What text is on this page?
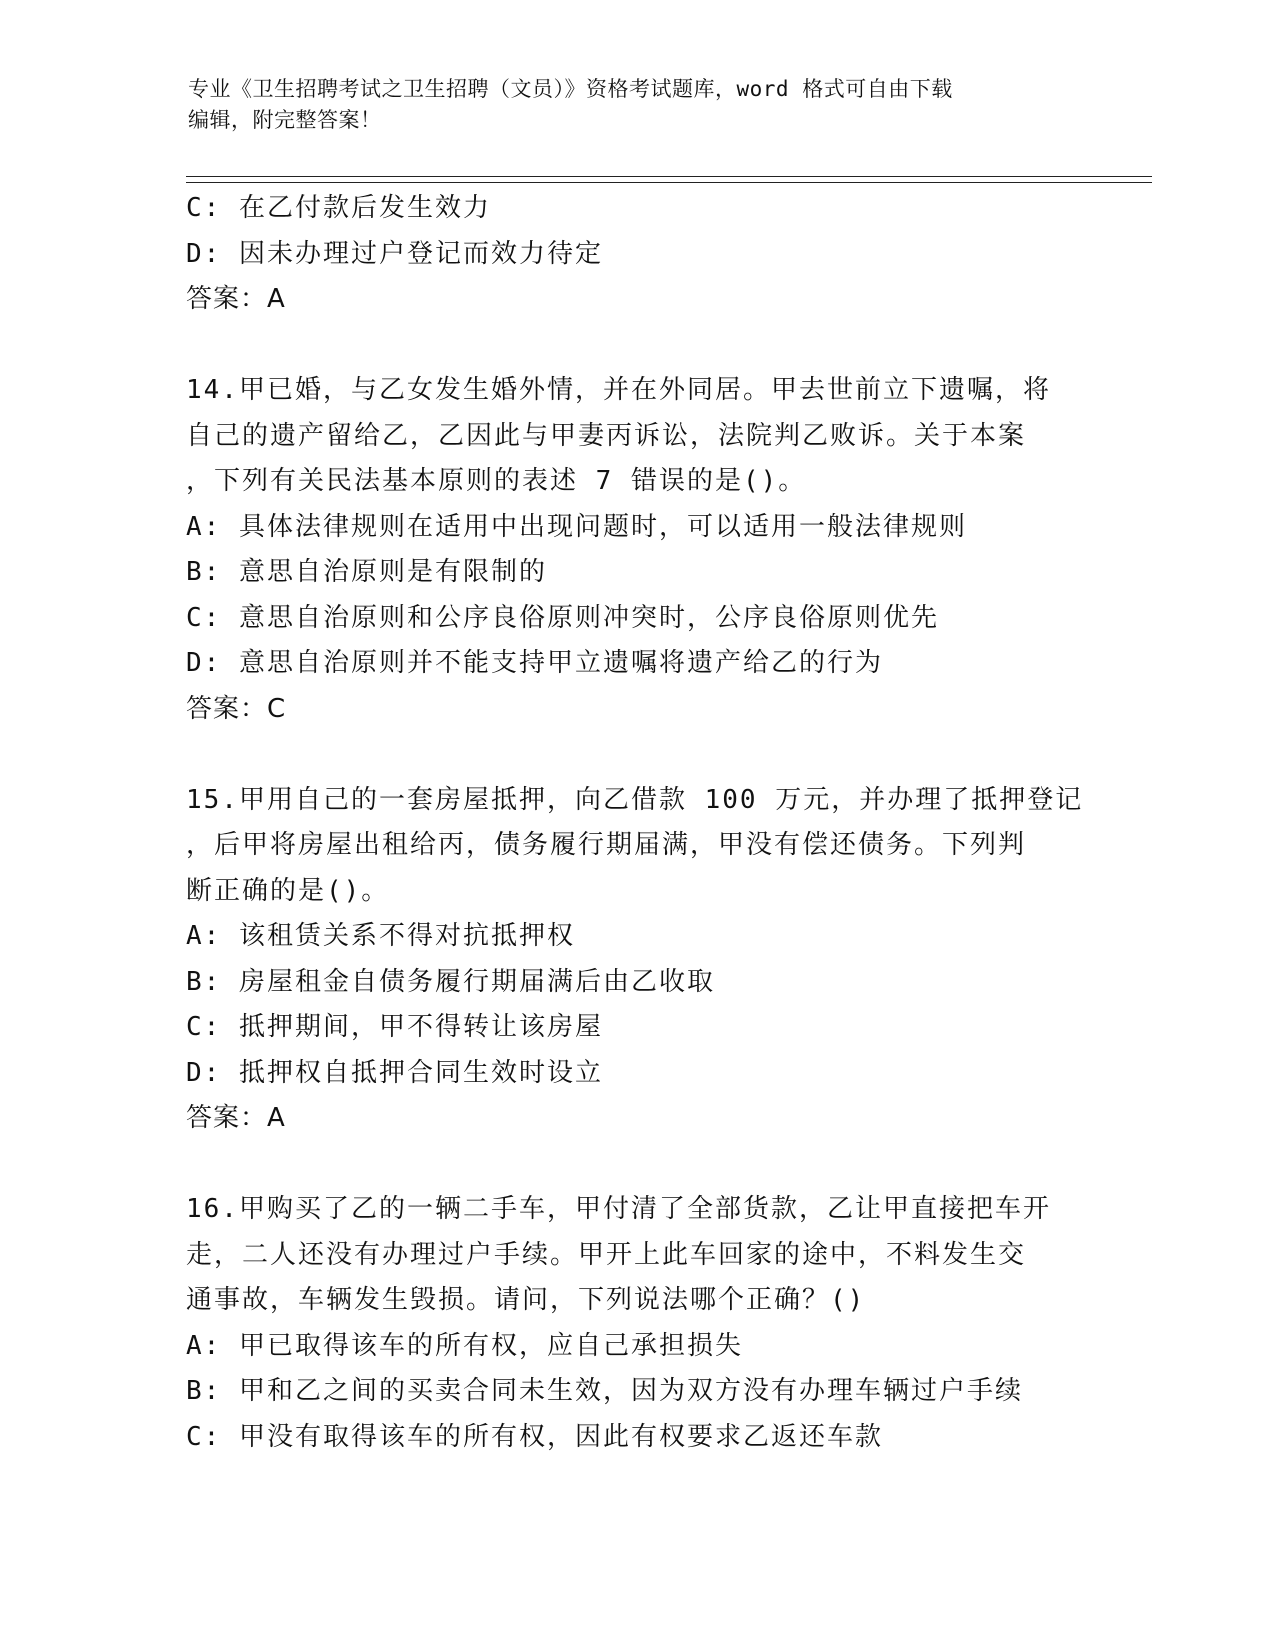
专业《卫生招聘考试之卫生招聘（文员）》资格考试题库，word 格式可自由下载
编辑，附完整答案！
C: 在乙付款后发生效力
D: 因未办理过户登记而效力待定
答案：A
14.甲已婚，与乙女发生婚外情，并在外同居。甲去世前立下遗嘱，将
自己的遗产留给乙，乙因此与甲妻丙诉讼，法院判乙败诉。关于本案
，下列有关民法基本原则的表述 7 错误的是()。
A: 具体法律规则在适用中出现问题时，可以适用一般法律规则
B: 意思自治原则是有限制的
C: 意思自治原则和公序良俗原则冲突时，公序良俗原则优先
D: 意思自治原则并不能支持甲立遗嘱将遗产给乙的行为
答案：C
15.甲用自己的一套房屋抵押，向乙借款 100 万元，并办理了抵押登记
，后甲将房屋出租给丙，债务履行期届满，甲没有偿还债务。下列判
断正确的是()。
A: 该租赁关系不得对抗抵押权
B: 房屋租金自债务履行期届满后由乙收取
C: 抵押期间，甲不得转让该房屋
D: 抵押权自抵押合同生效时设立
答案：A
16.甲购买了乙的一辆二手车，甲付清了全部货款，乙让甲直接把车开
走，二人还没有办理过户手续。甲开上此车回家的途中，不料发生交
通事故，车辆发生毁损。请问，下列说法哪个正确？()
A: 甲已取得该车的所有权，应自己承担损失
B: 甲和乙之间的买卖合同未生效，因为双方没有办理车辆过户手续
C: 甲没有取得该车的所有权，因此有权要求乙返还车款
